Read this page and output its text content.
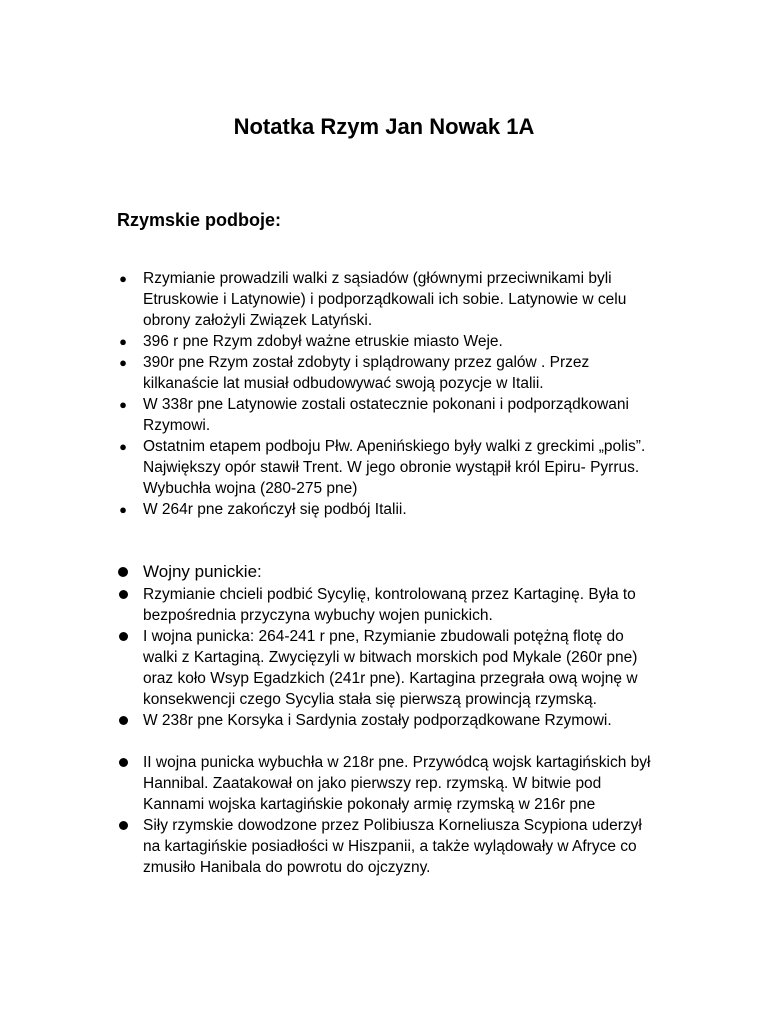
Notatka Rzym Jan Nowak 1A
Rzymskie podboje:
● Rzymianie prowadzili walki z sąsiadów (głównymi przeciwnikami byli Etruskowie i Latynowie) i podporządkowali ich sobie. Latynowie w celu obrony założyli Związek Latyński.
● 396 r pne Rzym zdobył ważne etruskie miasto Weje.
● 390r pne Rzym został zdobyty i splądrowany przez galów . Przez kilkanaście lat musiał odbudowywać swoją pozycje w Italii.
● W 338r pne Latynowie zostali ostatecznie pokonani i podporządkowani Rzymowi.
● Ostatnim etapem podboju Płw. Apenińskiego były walki z greckimi „polis”. Największy opór stawił Trent. W jego obronie wystąpił król Epiru- Pyrrus. Wybuchła wojna (280-275 pne)
● W 264r pne zakończył się podbój Italii.
Wojny punickie:
Rzymianie chcieli podbić Sycylię, kontrolowaną przez Kartaginę. Była to bezpośrednia przyczyna wybuchy wojen punickich.
I wojna punicka: 264-241 r pne, Rzymianie zbudowali potężną flotę do walki z Kartaginą. Zwycięzyli w bitwach morskich pod Mykale (260r pne) oraz koło Wsyp Egadzkich (241r pne). Kartagina przegrała ową wojnę w konsekwencji czego Sycylia stała się pierwszą prowincją rzymską.
W 238r pne Korsyka i Sardynia zostały podporządkowane Rzymowi.
II wojna punicka wybuchła w 218r pne. Przywódcą wojsk kartagińskich był Hannibal. Zaatakował on jako pierwszy rep. rzymską. W bitwie pod Kannami wojska kartagińskie pokonały armię rzymską w 216r pne
Siły rzymskie dowodzone przez Polibiusza Korneliusza Scypiona uderzył na kartagińskie posiadłości w Hiszpanii, a także wylądowały w Afryce co zmusiło Hanibala do powrotu do ojczyzny.
